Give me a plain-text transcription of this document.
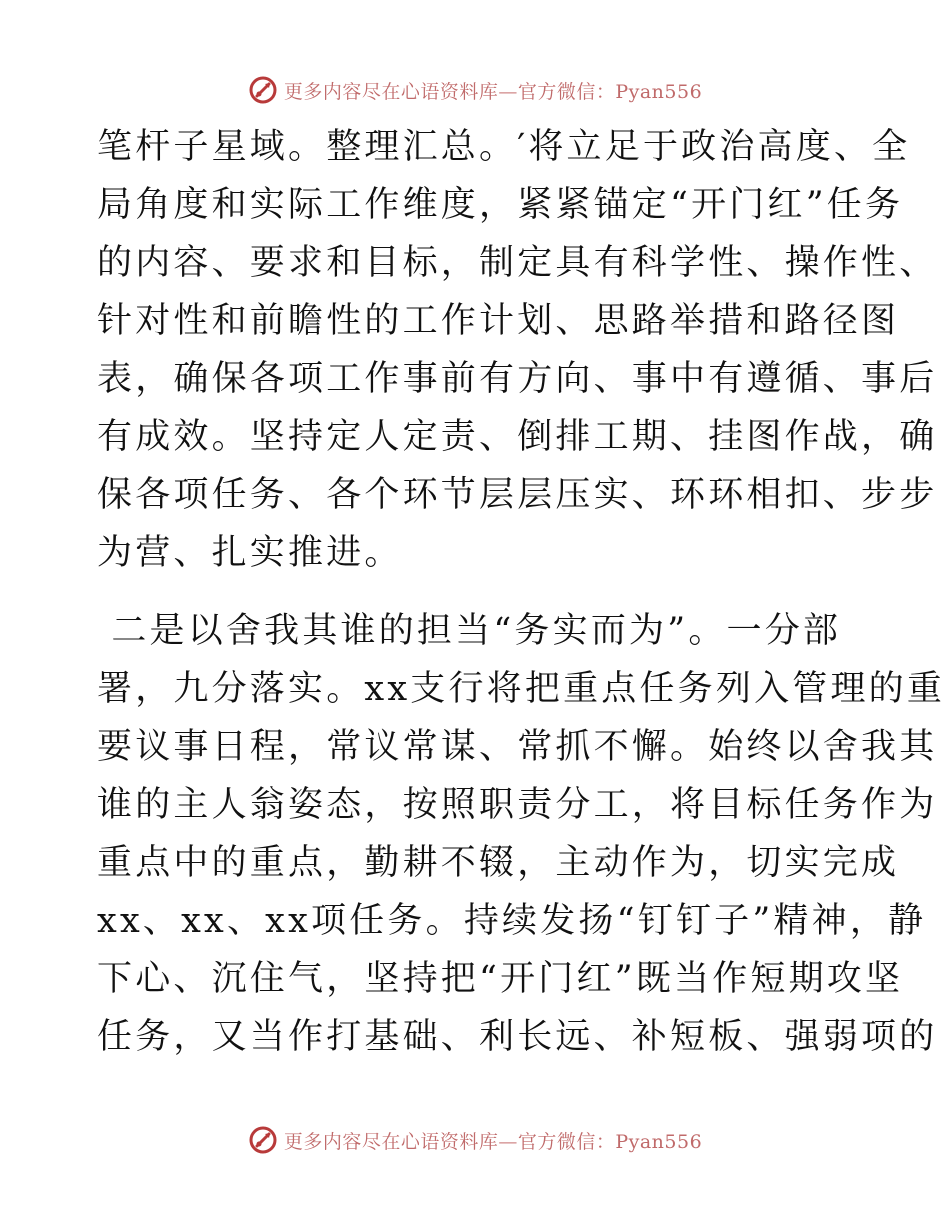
更多内容尽在心语资料库—官方微信：Pyan556
笔杆子星域。整理汇总。′将立足于政治高度、全
局角度和实际工作维度，紧紧锚定“开门红”任务
的内容、要求和目标，制定具有科学性、操作性、
针对性和前瞻性的工作计划、思路举措和路径图
表，确保各项工作事前有方向、事中有遵循、事后
有成效。坚持定人定责、倒排工期、挂图作战，确
保各项任务、各个环节层层压实、环环相扣、步步
为营、扎实推进。
二是以舍我其谁的担当“务实而为”。一分部
署，九分落实。xx支行将把重点任务列入管理的重
要议事日程，常议常谋、常抓不懈。始终以舍我其
谁的主人翁姿态，按照职责分工，将目标任务作为
重点中的重点，勤耕不辍，主动作为，切实完成
xx、xx、xx项任务。持续发扬“钉钉子”精神，静
下心、沉住气，坚持把“开门红”既当作短期攻坚
任务，又当作打基础、利长远、补短板、强弱项的
更多内容尽在心语资料库—官方微信：Pyan556
